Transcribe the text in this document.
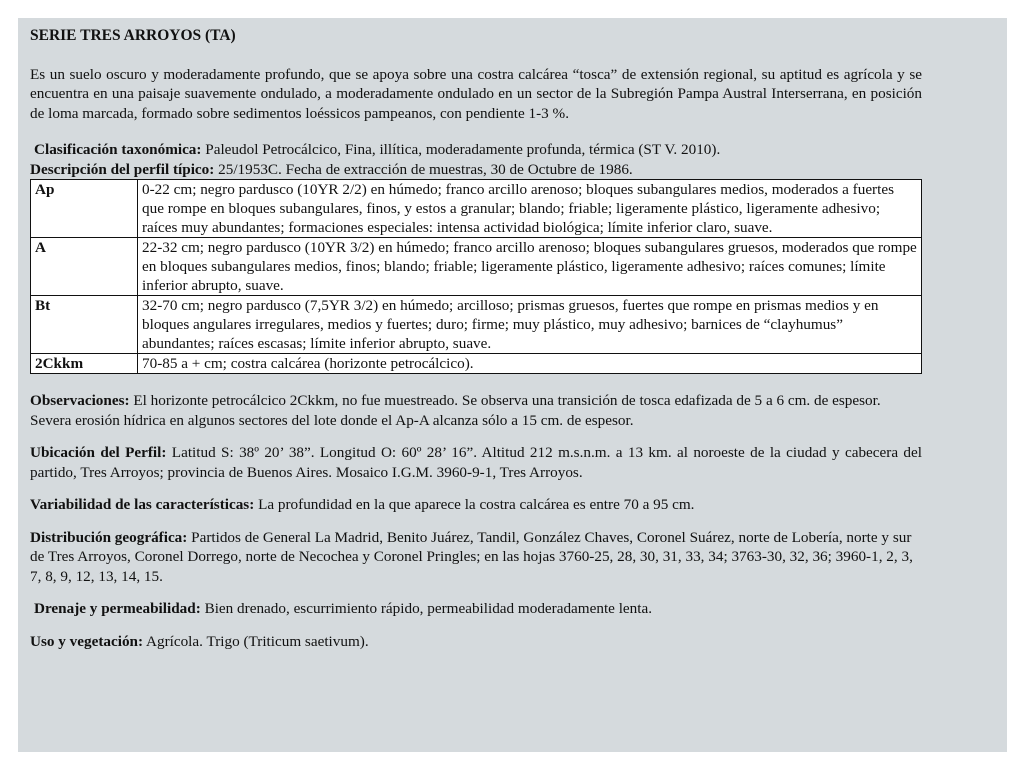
SERIE TRES ARROYOS (TA)

Es un suelo oscuro y moderadamente profundo, que se apoya sobre una costra calcárea “tosca” de extensión regional, su aptitud es agrícola y se encuentra en una paisaje suavemente ondulado, a moderadamente ondulado en un sector de la Subregión Pampa Austral Interserrana, en posición de loma marcada, formado sobre sedimentos loéssicos pampeanos, con pendiente 1-3 %.

Clasificación taxonómica: Paleudol Petrocálcico, Fina, illítica, moderadamente profunda, térmica (ST V. 2010).

Descripción del perfil típico: 25/1953C. Fecha de extracción de muestras, 30 de Octubre de 1986.

Ap	0-22 cm; negro pardusco (10YR 2/2) en húmedo; franco arcillo arenoso; bloques subangulares medios, moderados a fuertes que rompe en bloques subangulares, finos, y estos a granular; blando; friable; ligeramente plástico, ligeramente adhesivo; raíces muy abundantes; formaciones especiales: intensa actividad biológica; límite inferior claro, suave.
A	22-32 cm; negro pardusco (10YR 3/2) en húmedo; franco arcillo arenoso; bloques subangulares gruesos, moderados que rompe en bloques subangulares medios, finos; blando; friable; ligeramente plástico, ligeramente adhesivo; raíces comunes; límite inferior abrupto, suave.
Bt	32-70 cm; negro pardusco (7,5YR 3/2) en húmedo; arcilloso; prismas gruesos, fuertes que rompe en prismas medios y en bloques angulares irregulares, medios y fuertes; duro; firme; muy plástico, muy adhesivo; barnices de “clayhumus” abundantes; raíces escasas; límite inferior abrupto, suave.
2Ckkm	70-85 a + cm; costra calcárea (horizonte petrocálcico).

Observaciones: El horizonte petrocálcico 2Ckkm, no fue muestreado. Se observa una transición de tosca edafizada de 5 a 6 cm. de espesor. Severa erosión hídrica en algunos sectores del lote donde el Ap-A alcanza sólo a 15 cm. de espesor.

Ubicación del Perfil: Latitud S: 38º 20’ 38”. Longitud O: 60º 28’ 16”. Altitud 212 m.s.n.m. a 13 km. al noroeste de la ciudad y cabecera del partido, Tres Arroyos; provincia de Buenos Aires. Mosaico I.G.M. 3960-9-1, Tres Arroyos.

Variabilidad de las características: La profundidad en la que aparece la costra calcárea es entre 70 a 95 cm.

Distribución geográfica: Partidos de General La Madrid, Benito Juárez, Tandil, González Chaves, Coronel Suárez, norte de Lobería, norte y sur de Tres Arroyos, Coronel Dorrego, norte de Necochea y Coronel Pringles; en las hojas 3760-25, 28, 30, 31, 33, 34; 3763-30, 32, 36; 3960-1, 2, 3, 7, 8, 9, 12, 13, 14, 15.

Drenaje y permeabilidad: Bien drenado, escurrimiento rápido, permeabilidad moderadamente lenta.

Uso y vegetación: Agrícola. Trigo (Triticum saetivum).
